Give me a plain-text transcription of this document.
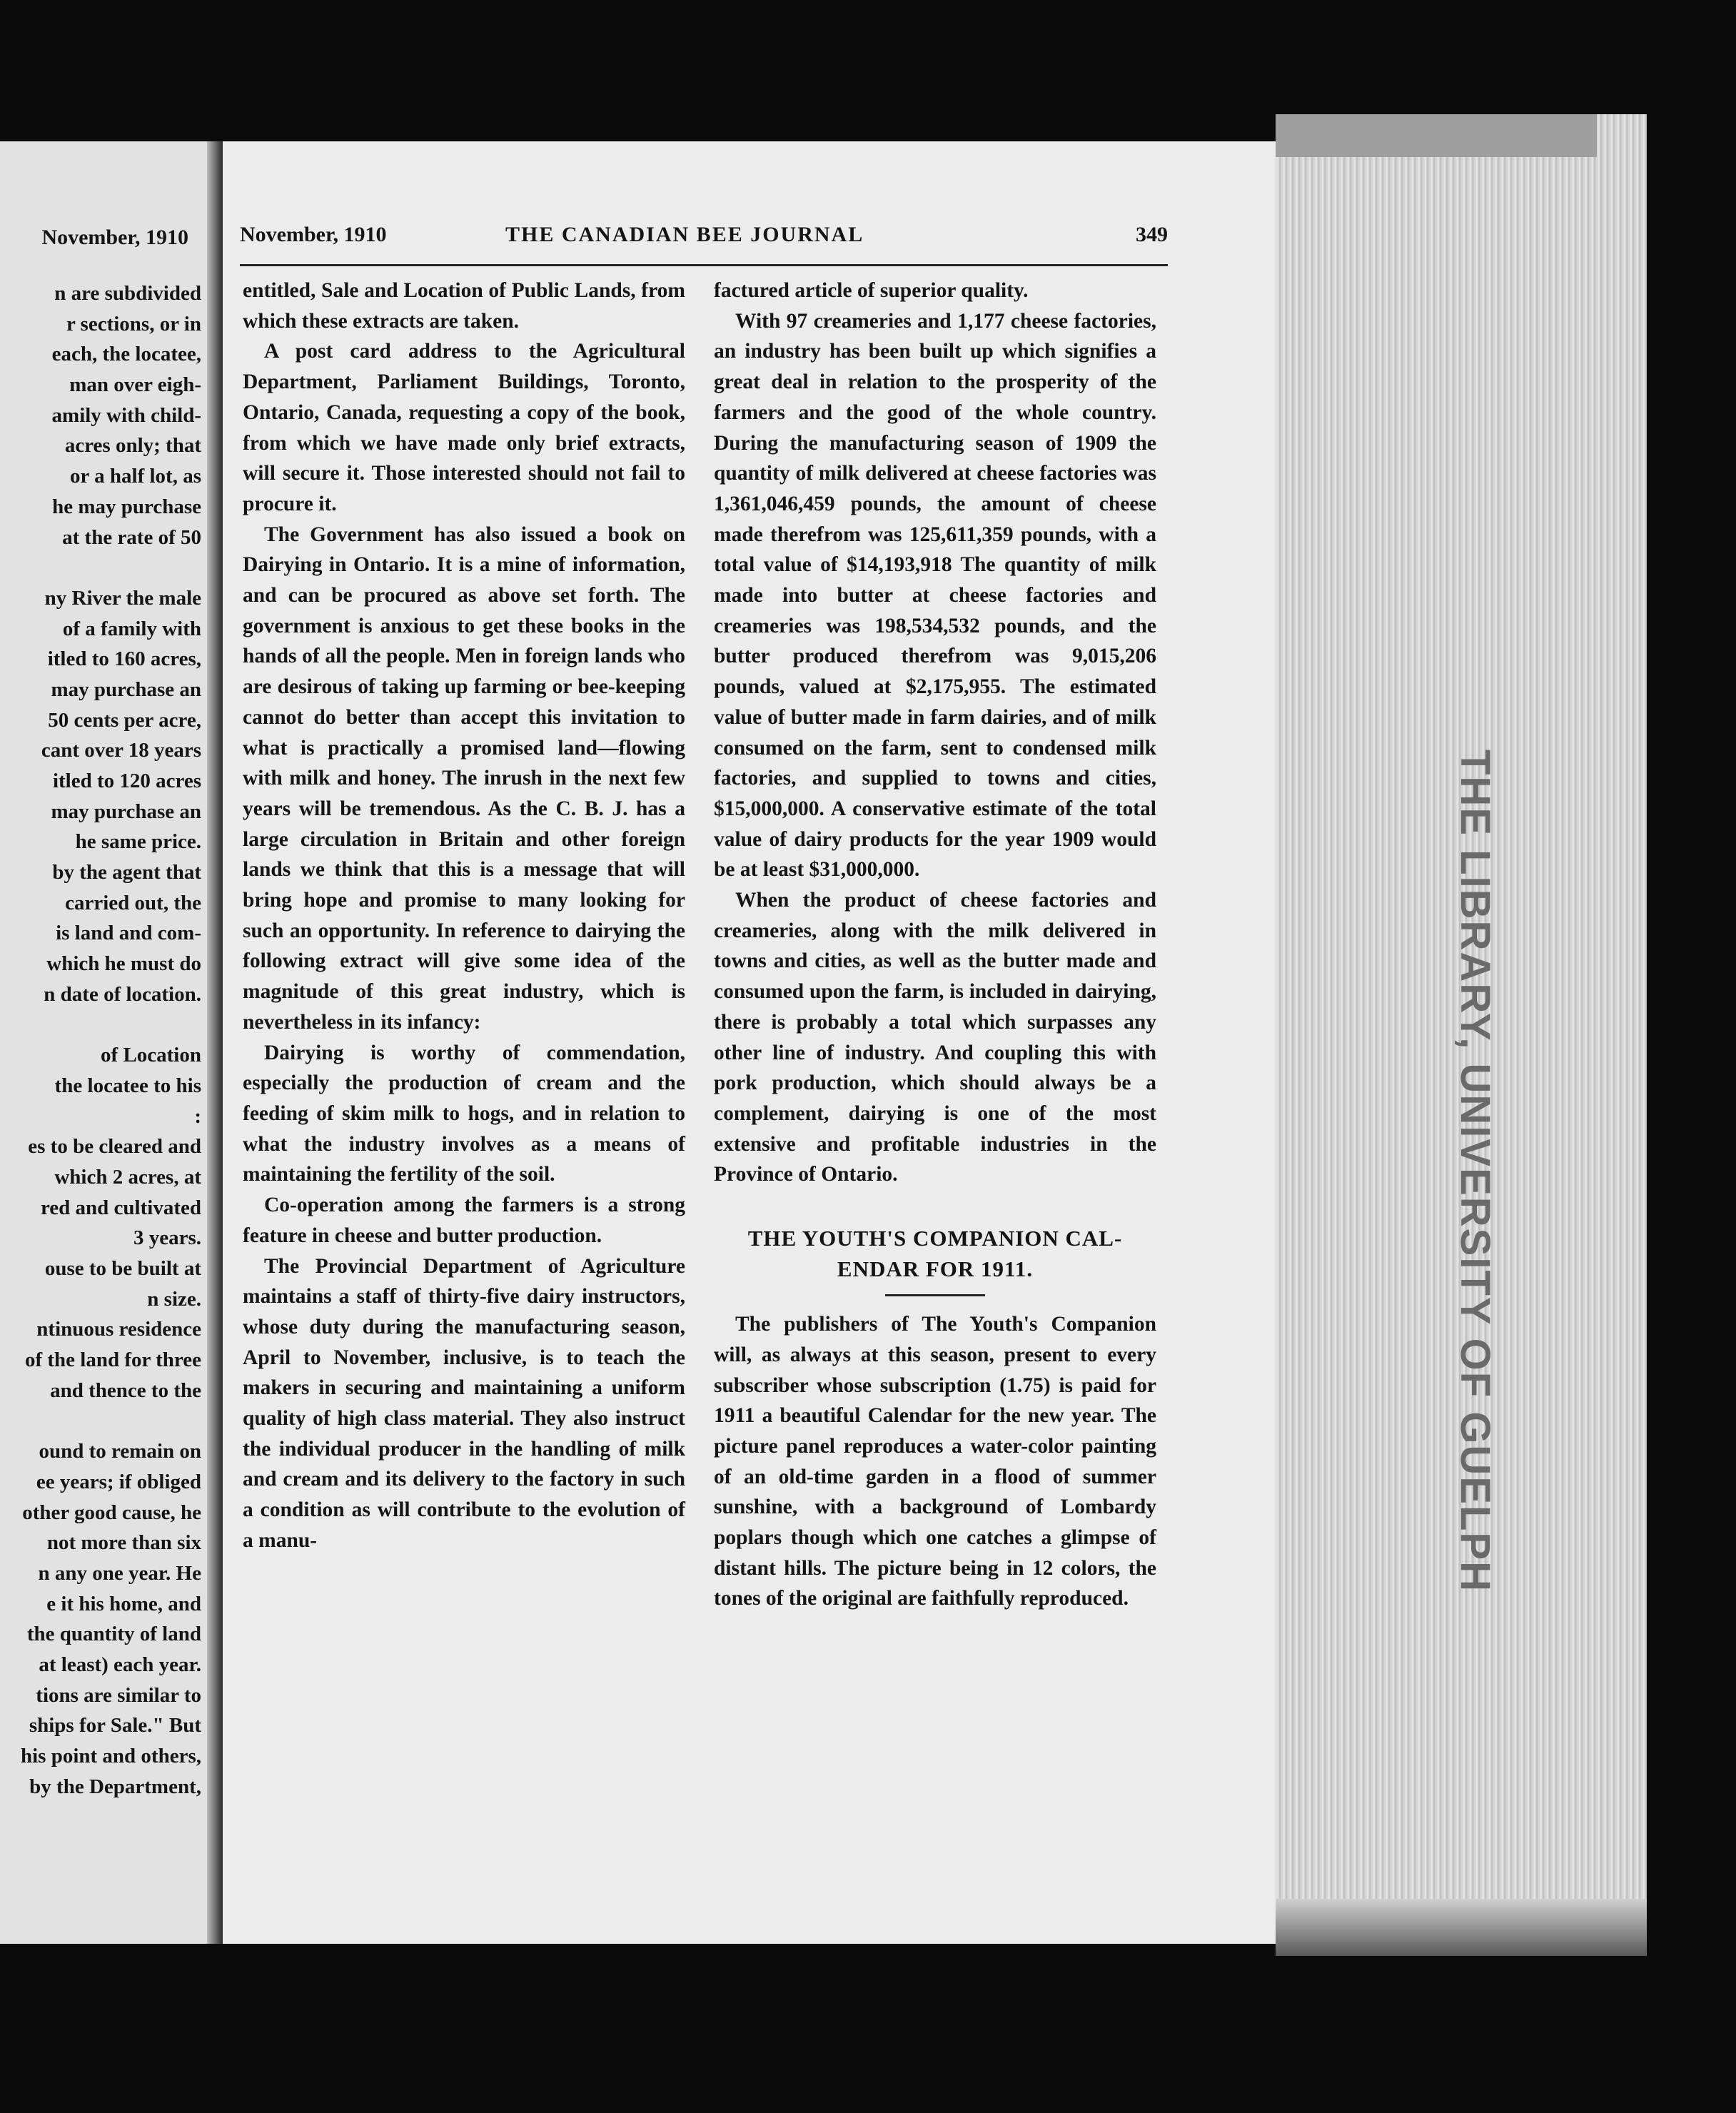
November, 1910
n are subdivided
r sections, or in
each, the locatee,
man over eigh-
amily with child-
acres only; that
or a half lot, as
he may purchase
at the rate of 50
ny River the male
of a family with
itled to 160 acres,
may purchase an
50 cents per acre,
cant over 18 years
itled to 120 acres
may purchase an
he same price.
by the agent that
carried out, the
is land and com-
which he must do
n date of location.
of Location
the locatee to his
:
es to be cleared and
which 2 acres, at
red and cultivated
3 years.
ouse to be built at
n size.
ntinuous residence
of the land for three
and thence to the
ound to remain on
ee years; if obliged
other good cause, he
not more than six
n any one year. He
e it his home, and
the quantity of land
at least) each year.
tions are similar to
ships for Sale." But
his point and others,
by the Department,
THE LIBRARY, UNIVERSITY OF GUELPH
November, 1910	THE CANADIAN BEE JOURNAL	349

entitled, Sale and Location of Public Lands, from which these extracts are taken.

A post card address to the Agricultural Department, Parliament Buildings, Toronto, Ontario, Canada, requesting a copy of the book, from which we have made only brief extracts, will secure it. Those interested should not fail to procure it.

The Government has also issued a book on Dairying in Ontario. It is a mine of information, and can be procured as above set forth. The government is anxious to get these books in the hands of all the people. Men in foreign lands who are desirous of taking up farming or bee-keeping cannot do better than accept this invitation to what is practically a promised land—flowing with milk and honey. The inrush in the next few years will be tremendous. As the C. B. J. has a large circulation in Britain and other foreign lands we think that this is a message that will bring hope and promise to many looking for such an opportunity. In reference to dairying the following extract will give some idea of the magnitude of this great industry, which is nevertheless in its infancy:

Dairying is worthy of commendation, especially the production of cream and the feeding of skim milk to hogs, and in relation to what the industry involves as a means of maintaining the fertility of the soil.

Co-operation among the farmers is a strong feature in cheese and butter production.

The Provincial Department of Agriculture maintains a staff of thirty-five dairy instructors, whose duty during the manufacturing season, April to November, inclusive, is to teach the makers in securing and maintaining a uniform quality of high class material. They also instruct the individual producer in the handling of milk and cream and its delivery to the factory in such a condition as will contribute to the evolution of a manu-

factured article of superior quality.

With 97 creameries and 1,177 cheese factories, an industry has been built up which signifies a great deal in relation to the prosperity of the farmers and the good of the whole country. During the manufacturing season of 1909 the quantity of milk delivered at cheese factories was 1,361,046,459 pounds, the amount of cheese made therefrom was 125,611,359 pounds, with a total value of $14,193,918 The quantity of milk made into butter at cheese factories and creameries was 198,534,532 pounds, and the butter produced therefrom was 9,015,206 pounds, valued at $2,175,955. The estimated value of butter made in farm dairies, and of milk consumed on the farm, sent to condensed milk factories, and supplied to towns and cities, $15,000,000. A conservative estimate of the total value of dairy products for the year 1909 would be at least $31,000,000.

When the product of cheese factories and creameries, along with the milk delivered in towns and cities, as well as the butter made and consumed upon the farm, is included in dairying, there is probably a total which surpasses any other line of industry. And coupling this with pork production, which should always be a complement, dairying is one of the most extensive and profitable industries in the Province of Ontario.

THE YOUTH'S COMPANION CAL-
ENDAR FOR 1911.

The publishers of The Youth's Companion will, as always at this season, present to every subscriber whose subscription (1.75) is paid for 1911 a beautiful Calendar for the new year. The picture panel reproduces a water-color painting of an old-time garden in a flood of summer sunshine, with a background of Lombardy poplars though which one catches a glimpse of distant hills. The picture being in 12 colors, the tones of the original are faithfully reproduced.
